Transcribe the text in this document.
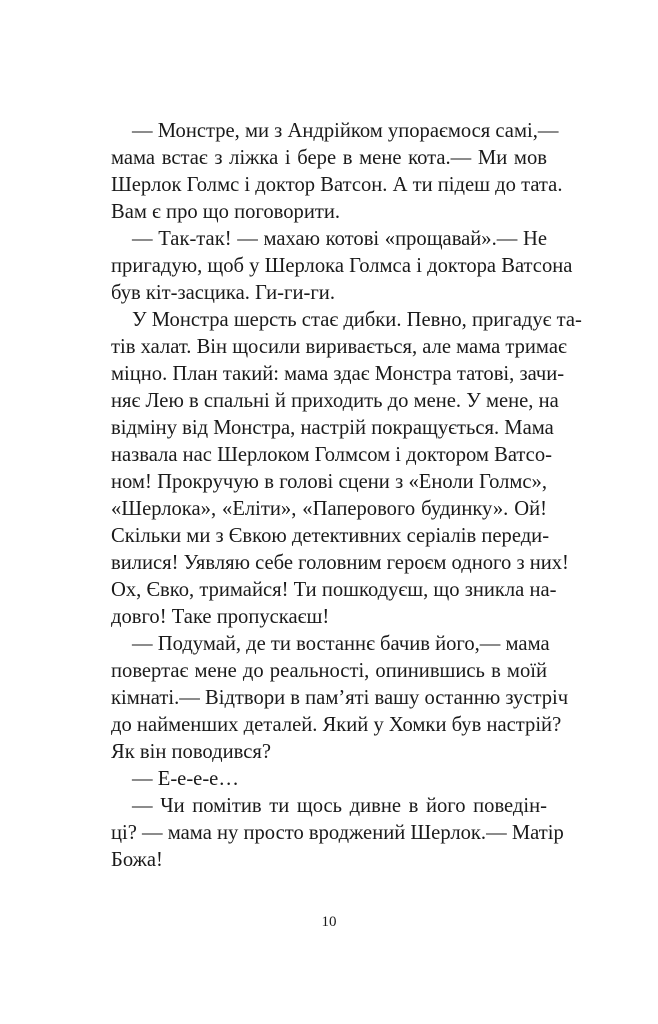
— Монстре, ми з Андрійком упораємося самі,—
мама встає з ліжка і бере в мене кота.— Ми мов
Шерлок Голмс і доктор Ватсон. А ти підеш до тата.
Вам є про що поговорити.
— Так-так! — махаю котові «прощавай».— Не
пригадую, щоб у Шерлока Голмса і доктора Ватсона
був кіт-засцика. Ги-ги-ги.
У Монстра шерсть стає дибки. Певно, пригадує та-
тів халат. Він щосили виривається, але мама тримає
міцно. План такий: мама здає Монстра татові, зачи-
няє Лею в спальні й приходить до мене. У мене, на
відміну від Монстра, настрій покращується. Мама
назвала нас Шерлоком Голмсом і доктором Ватсо-
ном! Прокручую в голові сцени з «Еноли Голмс»,
«Шерлока», «Еліти», «Паперового будинку». Ой!
Скільки ми з Євкою детективних серіалів переди-
вилися! Уявляю себе головним героєм одного з них!
Ох, Євко, тримайся! Ти пошкодуєш, що зникла на-
довго! Таке пропускаєш!
— Подумай, де ти востаннє бачив його,— мама
повертає мене до реальності, опинившись в моїй
кімнаті.— Відтвори в пам’яті вашу останню зустріч
до найменших деталей. Який у Хомки був настрій?
Як він поводився?
— Е-е-е-е…
— Чи помітив ти щось дивне в його поведін-
ці? — мама ну просто вроджений Шерлок.— Матір
Божа!
10
